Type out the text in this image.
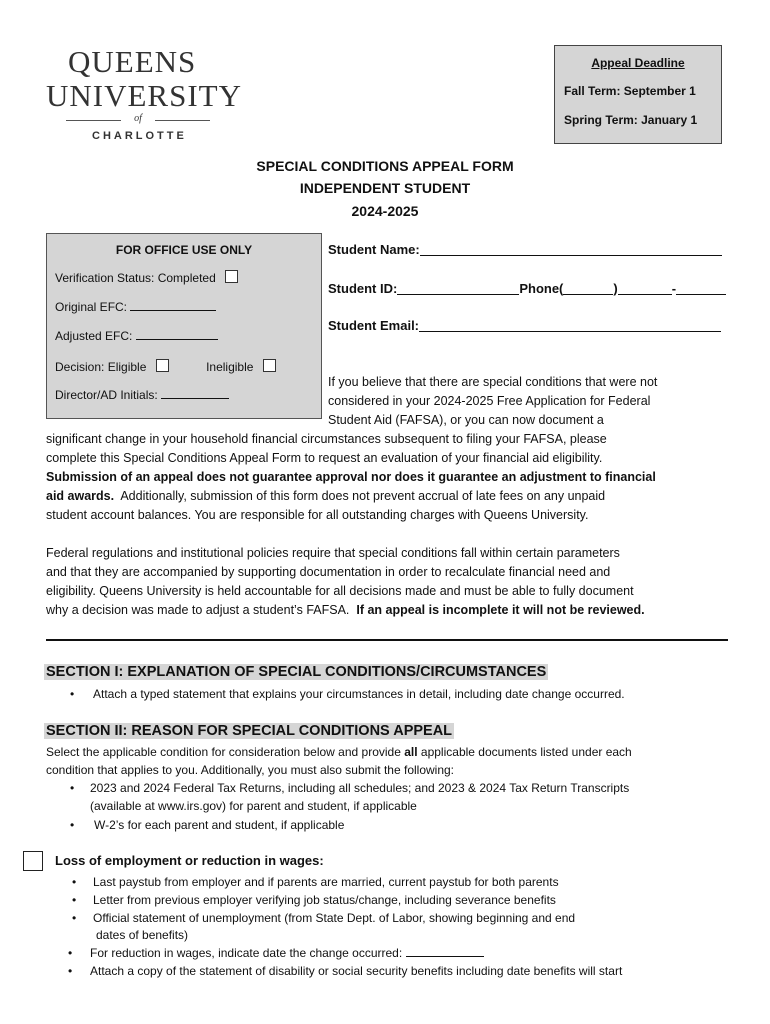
QUEENS
UNIVERSITY
of
CHARLOTTE
Appeal Deadline
Fall Term: September 1
Spring Term: January 1
SPECIAL CONDITIONS APPEAL FORM
INDEPENDENT STUDENT
2024-2025
FOR OFFICE USE ONLY
Verification Status: Completed
Original EFC:
Adjusted EFC:
Decision: Eligible	Ineligible
Director/AD Initials:
Student Name:
Student ID:	Phone(	)	-
Student Email:
If you believe that there are special conditions that were not
considered in your 2024-2025 Free Application for Federal
Student Aid (FAFSA), or you can now document a
significant change in your household financial circumstances subsequent to filing your FAFSA, please
complete this Special Conditions Appeal Form to request an evaluation of your financial aid eligibility.
Submission of an appeal does not guarantee approval nor does it guarantee an adjustment to financial
aid awards.  Additionally, submission of this form does not prevent accrual of late fees on any unpaid
student account balances. You are responsible for all outstanding charges with Queens University.
Federal regulations and institutional policies require that special conditions fall within certain parameters
and that they are accompanied by supporting documentation in order to recalculate financial need and
eligibility. Queens University is held accountable for all decisions made and must be able to fully document
why a decision was made to adjust a student’s FAFSA.  If an appeal is incomplete it will not be reviewed.
SECTION I: EXPLANATION OF SPECIAL CONDITIONS/CIRCUMSTANCES
• Attach a typed statement that explains your circumstances in detail, including date change occurred.
SECTION II: REASON FOR SPECIAL CONDITIONS APPEAL
Select the applicable condition for consideration below and provide all applicable documents listed under each
condition that applies to you. Additionally, you must also submit the following:
• 2023 and 2024 Federal Tax Returns, including all schedules; and 2023 & 2024 Tax Return Transcripts
(available at www.irs.gov) for parent and student, if applicable
• W-2’s for each parent and student, if applicable
Loss of employment or reduction in wages:
• Last paystub from employer and if parents are married, current paystub for both parents
• Letter from previous employer verifying job status/change, including severance benefits
• Official statement of unemployment (from State Dept. of Labor, showing beginning and end
dates of benefits)
• For reduction in wages, indicate date the change occurred:
• Attach a copy of the statement of disability or social security benefits including date benefits will start
